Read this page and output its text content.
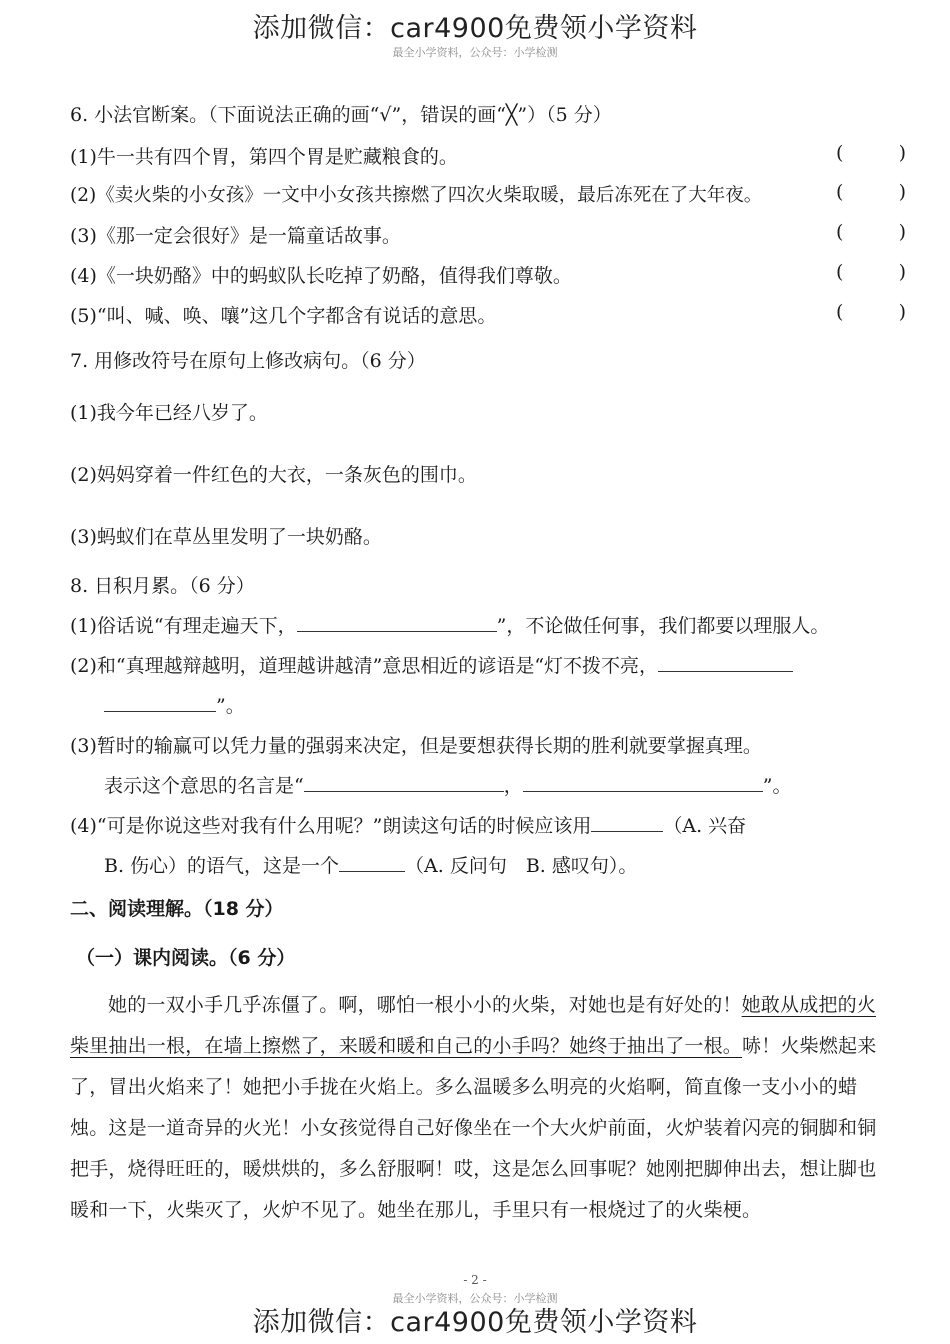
添加微信：car4900免费领小学资料
最全小学资料，公众号：小学检测
6. 小法官断案。（下面说法正确的画“√”，错误的画“╳”）（5 分）
(1)牛一共有四个胃，第四个胃是贮藏粮食的。	(	)
(2)《卖火柴的小女孩》一文中小女孩共擦燃了四次火柴取暖，最后冻死在了大年夜。	(	)
(3)《那一定会很好》是一篇童话故事。	(	)
(4)《一块奶酪》中的蚂蚁队长吃掉了奶酪，值得我们尊敬。	(	)
(5)“叫、喊、唤、嚷”这几个字都含有说话的意思。	(	)
7. 用修改符号在原句上修改病句。（6 分）
(1)我今年已经八岁了。
(2)妈妈穿着一件红色的大衣，一条灰色的围巾。
(3)蚂蚁们在草丛里发明了一块奶酪。
8. 日积月累。（6 分）
(1)俗话说“有理走遍天下，	”，不论做任何事，我们都要以理服人。
(2)和“真理越辩越明，道理越讲越清”意思相近的谚语是“灯不拨不亮，
”。
(3)暂时的输赢可以凭力量的强弱来决定，但是要想获得长期的胜利就要掌握真理。
表示这个意思的名言是“	，	”。
(4)“可是你说这些对我有什么用呢？”朗读这句话的时候应该用	（A. 兴奋
B. 伤心）的语气，这是一个	（A. 反问句　B. 感叹句）。
二、阅读理解。（18 分）
（一）课内阅读。（6 分）
她的一双小手几乎冻僵了。啊，哪怕一根小小的火柴，对她也是有好处的！她敢从成把的火柴里抽出一根，在墙上擦燃了，来暖和暖和自己的小手吗？她终于抽出了一根。哧！火柴燃起来了，冒出火焰来了！她把小手拢在火焰上。多么温暖多么明亮的火焰啊，简直像一支小小的蜡烛。这是一道奇异的火光！小女孩觉得自己好像坐在一个大火炉前面，火炉装着闪亮的铜脚和铜把手，烧得旺旺的，暖烘烘的，多么舒服啊！哎，这是怎么回事呢？她刚把脚伸出去，想让脚也暖和一下，火柴灭了，火炉不见了。她坐在那儿，手里只有一根烧过了的火柴梗。
- 2 -
最全小学资料，公众号：小学检测
添加微信：car4900免费领小学资料
